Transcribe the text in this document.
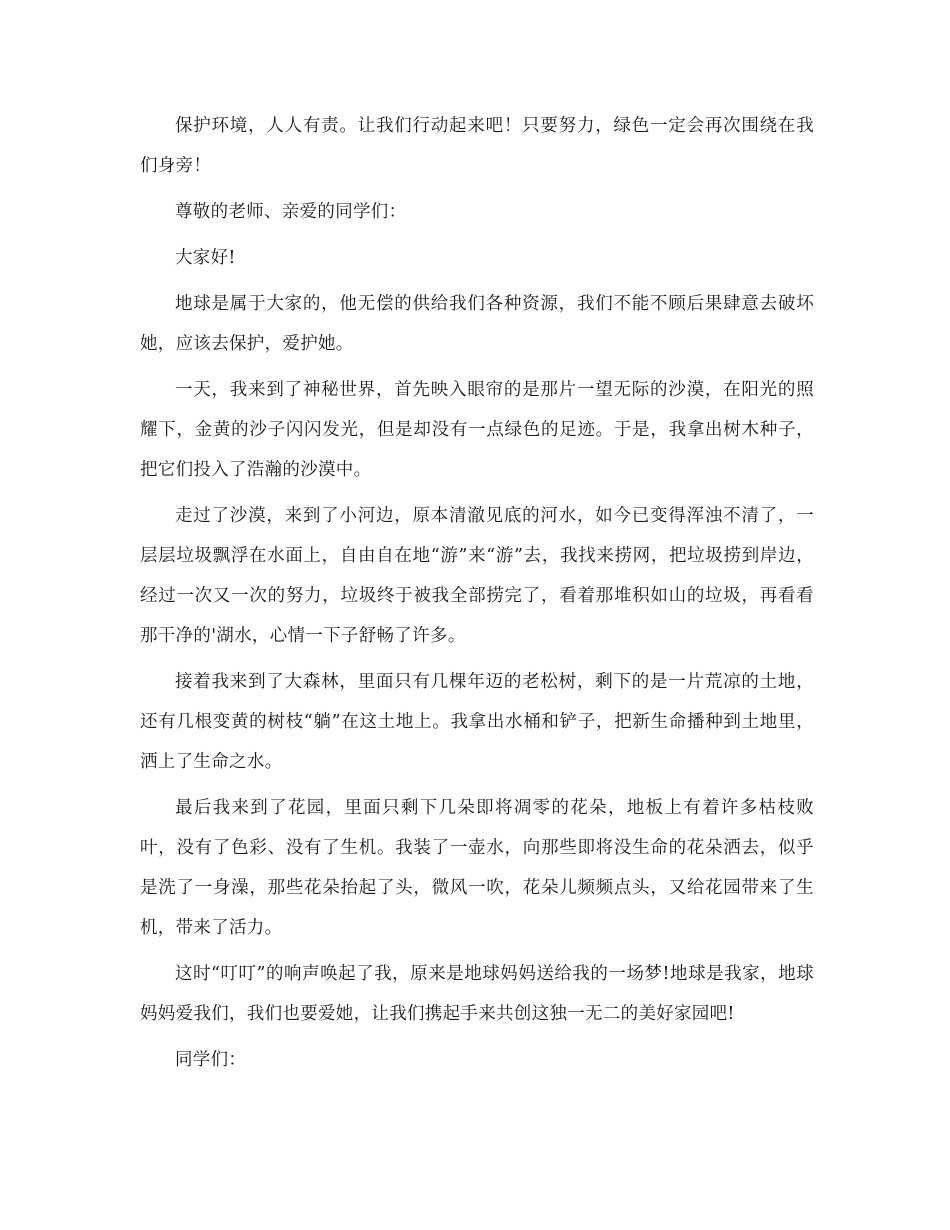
保护环境，人人有责。让我们行动起来吧！只要努力，绿色一定会再次围绕在我们身旁！

尊敬的老师、亲爱的同学们：

大家好!

地球是属于大家的，他无偿的供给我们各种资源，我们不能不顾后果肆意去破坏她，应该去保护，爱护她。

一天，我来到了神秘世界，首先映入眼帘的是那片一望无际的沙漠，在阳光的照耀下，金黄的沙子闪闪发光，但是却没有一点绿色的足迹。于是，我拿出树木种子，把它们投入了浩瀚的沙漠中。

走过了沙漠，来到了小河边，原本清澈见底的河水，如今已变得浑浊不清了，一层层垃圾飘浮在水面上，自由自在地“游”来“游”去，我找来捞网，把垃圾捞到岸边，经过一次又一次的努力，垃圾终于被我全部捞完了，看着那堆积如山的垃圾，再看看那干净的'湖水，心情一下子舒畅了许多。

接着我来到了大森林，里面只有几棵年迈的老松树，剩下的是一片荒凉的土地，还有几根变黄的树枝“躺”在这土地上。我拿出水桶和铲子，把新生命播种到土地里，洒上了生命之水。

最后我来到了花园，里面只剩下几朵即将凋零的花朵，地板上有着许多枯枝败叶，没有了色彩、没有了生机。我装了一壶水，向那些即将没生命的花朵洒去，似乎是洗了一身澡，那些花朵抬起了头，微风一吹，花朵儿频频点头，又给花园带来了生机，带来了活力。

这时“叮叮”的响声唤起了我，原来是地球妈妈送给我的一场梦!地球是我家，地球妈妈爱我们，我们也要爱她，让我们携起手来共创这独一无二的美好家园吧!

同学们：
